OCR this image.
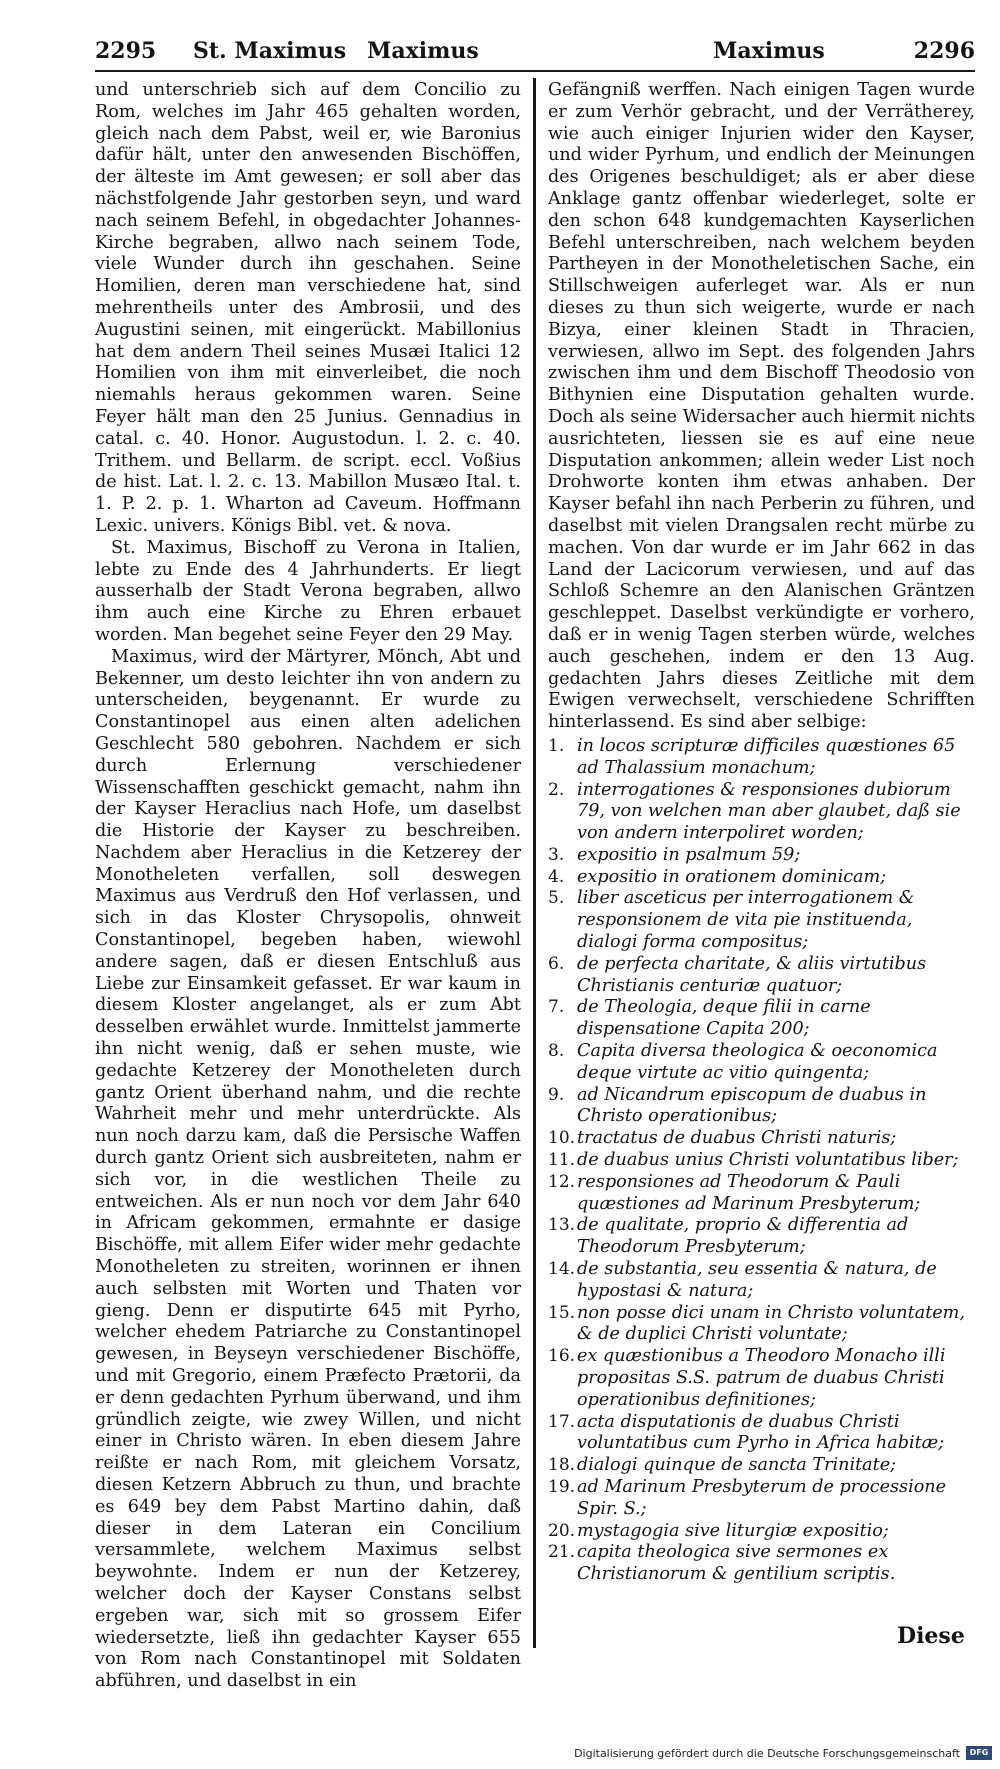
2295 St. Maximus Maximus	Maximus	2296

und unterschrieb sich auf dem Concilio zu Rom, welches im Jahr 465 gehalten worden, gleich nach dem Pabst, weil er, wie Baronius dafür hält, unter den anwesenden Bischöffen, der älteste im Amt gewesen; er soll aber das nächstfolgende Jahr gestorben seyn, und ward nach seinem Befehl, in obgedachter Johannes-Kirche begraben, allwo nach seinem Tode, viele Wunder durch ihn geschahen. Seine Homilien, deren man verschiedene hat, sind mehrentheils unter des Ambrosii, und des Augustini seinen, mit eingerückt. Mabillonius hat dem andern Theil seines Musæi Italici 12 Homilien von ihm mit einverleibet, die noch niemahls heraus gekommen waren. Seine Feyer hält man den 25 Junius. Gennadius in catal. c. 40. Honor. Augustodun. l. 2. c. 40. Trithem. und Bellarm. de script. eccl. Voßius de hist. Lat. l. 2. c. 13. Mabillon Musæo Ital. t. 1. P. 2. p. 1. Wharton ad Caveum. Hoffmann Lexic. univers. Königs Bibl. vet. & nova.

St. Maximus, Bischoff zu Verona in Italien, lebte zu Ende des 4 Jahrhunderts. Er liegt ausserhalb der Stadt Verona begraben, allwo ihm auch eine Kirche zu Ehren erbauet worden. Man begehet seine Feyer den 29 May.

Maximus, wird der Märtyrer, Mönch, Abt und Bekenner, um desto leichter ihn von andern zu unterscheiden, beygenannt. Er wurde zu Constantinopel aus einen alten adelichen Geschlecht 580 gebohren. Nachdem er sich durch Erlernung verschiedener Wissenschafften geschickt gemacht, nahm ihn der Kayser Heraclius nach Hofe, um daselbst die Historie der Kayser zu beschreiben. Nachdem aber Heraclius in die Ketzerey der Monotheleten verfallen, soll deswegen Maximus aus Verdruß den Hof verlassen, und sich in das Kloster Chrysopolis, ohnweit Constantinopel, begeben haben, wiewohl andere sagen, daß er diesen Entschluß aus Liebe zur Einsamkeit gefasset. Er war kaum in diesem Kloster angelanget, als er zum Abt desselben erwählet wurde. Inmittelst jammerte ihn nicht wenig, daß er sehen muste, wie gedachte Ketzerey der Monotheleten durch gantz Orient überhand nahm, und die rechte Wahrheit mehr und mehr unterdrückte. Als nun noch darzu kam, daß die Persische Waffen durch gantz Orient sich ausbreiteten, nahm er sich vor, in die westlichen Theile zu entweichen. Als er nun noch vor dem Jahr 640 in Africam gekommen, ermahnte er dasige Bischöffe, mit allem Eifer wider mehr gedachte Monotheleten zu streiten, worinnen er ihnen auch selbsten mit Worten und Thaten vor gieng. Denn er disputirte 645 mit Pyrho, welcher ehedem Patriarche zu Constantinopel gewesen, in Beyseyn verschiedener Bischöffe, und mit Gregorio, einem Præfecto Prætorii, da er denn gedachten Pyrhum überwand, und ihm gründlich zeigte, wie zwey Willen, und nicht einer in Christo wären. In eben diesem Jahre reißte er nach Rom, mit gleichem Vorsatz, diesen Ketzern Abbruch zu thun, und brachte es 649 bey dem Pabst Martino dahin, daß dieser in dem Lateran ein Concilium versammlete, welchem Maximus selbst beywohnte. Indem er nun der Ketzerey, welcher doch der Kayser Constans selbst ergeben war, sich mit so grossem Eifer wiedersetzte, ließ ihn gedachter Kayser 655 von Rom nach Constantinopel mit Soldaten abführen, und daselbst in ein

Gefängniß werffen. Nach einigen Tagen wurde er zum Verhör gebracht, und der Verrätherey, wie auch einiger Injurien wider den Kayser, und wider Pyrhum, und endlich der Meinungen des Origenes beschuldiget; als er aber diese Anklage gantz offenbar wiederleget, solte er den schon 648 kundgemachten Kayserlichen Befehl unterschreiben, nach welchem beyden Partheyen in der Monotheletischen Sache, ein Stillschweigen auferleget war. Als er nun dieses zu thun sich weigerte, wurde er nach Bizya, einer kleinen Stadt in Thracien, verwiesen, allwo im Sept. des folgenden Jahrs zwischen ihm und dem Bischoff Theodosio von Bithynien eine Disputation gehalten wurde. Doch als seine Widersacher auch hiermit nichts ausrichteten, liessen sie es auf eine neue Disputation ankommen; allein weder List noch Drohworte konten ihm etwas anhaben. Der Kayser befahl ihn nach Perberin zu führen, und daselbst mit vielen Drangsalen recht mürbe zu machen. Von dar wurde er im Jahr 662 in das Land der Lacicorum verwiesen, und auf das Schloß Schemre an den Alanischen Gräntzen geschleppet. Daselbst verkündigte er vorhero, daß er in wenig Tagen sterben würde, welches auch geschehen, indem er den 13 Aug. gedachten Jahrs dieses Zeitliche mit dem Ewigen verwechselt, verschiedene Schrifften hinterlassend. Es sind aber selbige:

1. in locos scripturæ difficiles quæstiones 65 ad Thalassium monachum;
2. interrogationes & responsiones dubiorum 79, von welchen man aber glaubet, daß sie von andern interpoliret worden;
3. expositio in psalmum 59;
4. expositio in orationem dominicam;
5. liber asceticus per interrogationem & responsionem de vita pie instituenda, dialogi forma compositus;
6. de perfecta charitate, & aliis virtutibus Christianis centuriæ quatuor;
7. de Theologia, deque filii in carne dispensatione Capita 200;
8. Capita diversa theologica & oeconomica deque virtute ac vitio quingenta;
9. ad Nicandrum episcopum de duabus in Christo operationibus;
10. tractatus de duabus Christi naturis;
11. de duabus unius Christi voluntatibus liber;
12. responsiones ad Theodorum & Pauli quæstiones ad Marinum Presbyterum;
13. de qualitate, proprio & differentia ad Theodorum Presbyterum;
14. de substantia, seu essentia & natura, de hypostasi & natura;
15. non posse dici unam in Christo voluntatem, & de duplici Christi voluntate;
16. ex quæstionibus a Theodoro Monacho illi propositas S.S. patrum de duabus Christi operationibus definitiones;
17. acta disputationis de duabus Christi voluntatibus cum Pyrho in Africa habitæ;
18. dialogi quinque de sancta Trinitate;
19. ad Marinum Presbyterum de processione Spir. S.;
20. mystagogia sive liturgiæ expositio;
21. capita theologica sive sermones ex Christianorum & gentilium scriptis.
Diese
Digitalisierung gefördert durch die Deutsche Forschungsgemeinschaft	DFG
